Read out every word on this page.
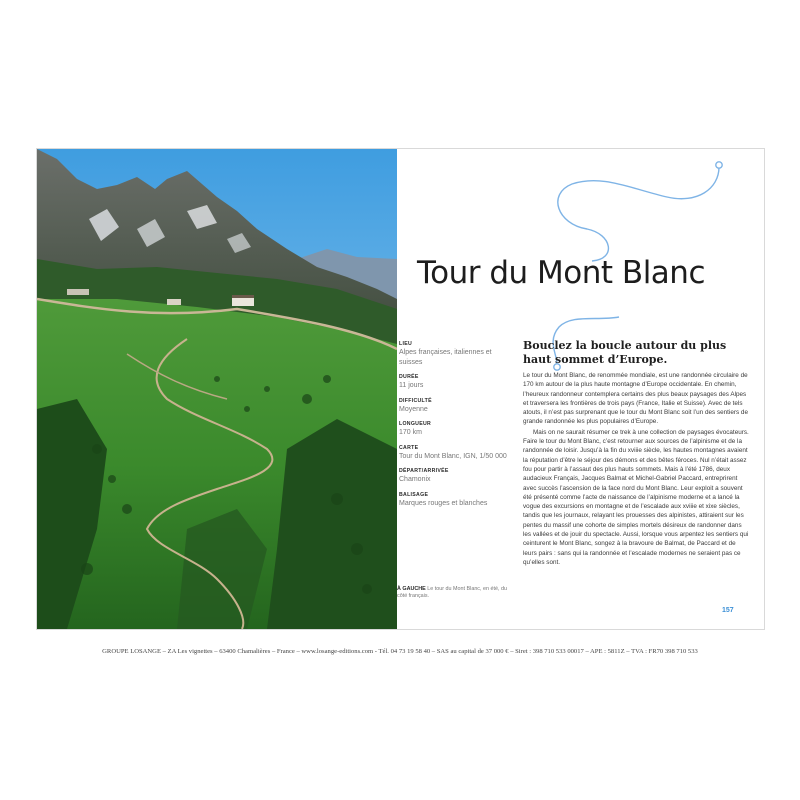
Tour du Mont Blanc
LIEU
Alpes françaises, italiennes et suisses
DURÉE
11 jours
DIFFICULTÉ
Moyenne
LONGUEUR
170 km
CARTE
Tour du Mont Blanc, IGN, 1/50 000
DÉPART/ARRIVÉE
Chamonix
BALISAGE
Marques rouges et blanches
À GAUCHE Le tour du Mont Blanc, en été, du côté français.
Bouclez la boucle autour du plus haut sommet d’Europe.

Le tour du Mont Blanc, de renommée mondiale, est une randonnée circulaire de 170 km autour de la plus haute montagne d’Europe occidentale. En chemin, l’heureux randonneur contemplera certains des plus beaux paysages des Alpes et traversera les frontières de trois pays (France, Italie et Suisse). Avec de tels atouts, il n’est pas surprenant que le tour du Mont Blanc soit l’un des sentiers de grande randonnée les plus populaires d’Europe.

Mais on ne saurait résumer ce trek à une collection de paysages évocateurs. Faire le tour du Mont Blanc, c’est retourner aux sources de l’alpinisme et de la randonnée de loisir. Jusqu’à la fin du xviiie siècle, les hautes montagnes avaient la réputation d’être le séjour des démons et des bêtes féroces. Nul n’était assez fou pour partir à l’assaut des plus hauts sommets. Mais à l’été 1786, deux audacieux Français, Jacques Balmat et Michel-Gabriel Paccard, entreprirent avec succès l’ascension de la face nord du Mont Blanc. Leur exploit a souvent été présenté comme l’acte de naissance de l’alpinisme moderne et a lancé la vogue des excursions en montagne et de l’escalade aux xviiie et xixe siècles, tandis que les journaux, relayant les prouesses des alpinistes, attiraient sur les pentes du massif une cohorte de simples mortels désireux de randonner dans les vallées et de jouir du spectacle. Aussi, lorsque vous arpentez les sentiers qui ceinturent le Mont Blanc, songez à la bravoure de Balmat, de Paccard et de leurs pairs : sans qui la randonnée et l’escalade modernes ne seraient pas ce qu’elles sont.

157
GROUPE LOSANGE – ZA Les vignettes – 63400 Chamalières – France – www.losange-editions.com - Tél. 04 73 19 58 40 – SAS au capital de 37 000 € – Siret : 398 710 533 00017 – APE : 5811Z – TVA : FR70 398 710 533
